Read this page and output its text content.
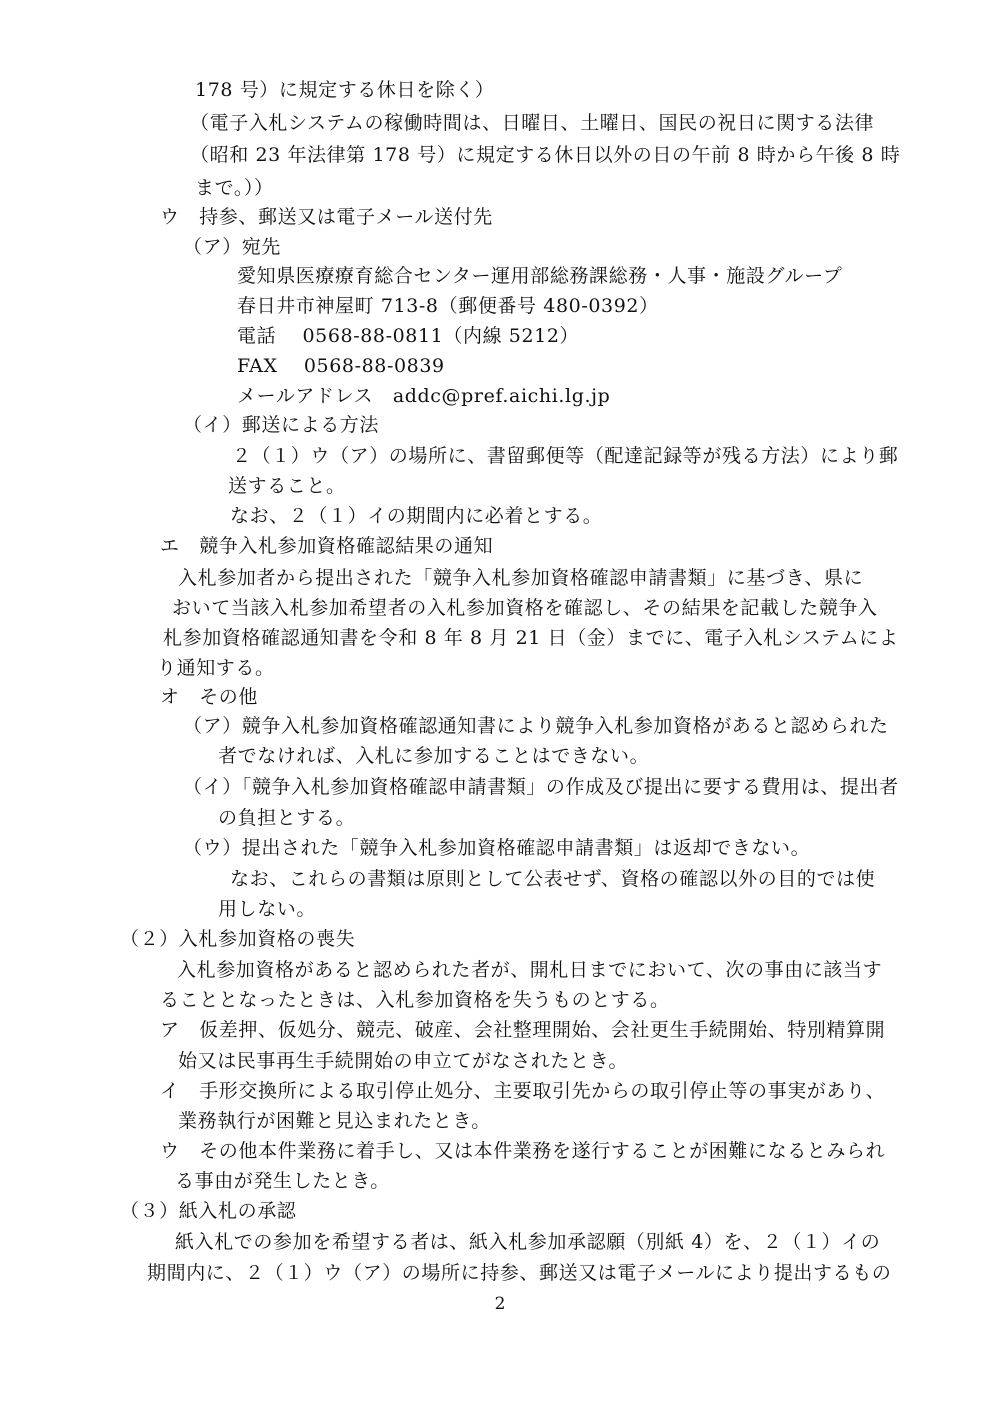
178 号）に規定する休日を除く）
（電子入札システムの稼働時間は、日曜日、土曜日、国民の祝日に関する法律
（昭和 23 年法律第 178 号）に規定する休日以外の日の午前 8 時から午後 8 時
まで。））
ウ　持参、郵送又は電子メール送付先
（ア）宛先
愛知県医療療育総合センター運用部総務課総務・人事・施設グループ
春日井市神屋町 713-8（郵便番号 480-0392）
電話　 0568-88-0811（内線 5212）
FAX　 0568-88-0839
メールアドレス　addc@pref.aichi.lg.jp
（イ）郵送による方法
２（１）ウ（ア）の場所に、書留郵便等（配達記録等が残る方法）により郵
送すること。
なお、２（１）イの期間内に必着とする。
エ　競争入札参加資格確認結果の通知
入札参加者から提出された「競争入札参加資格確認申請書類」に基づき、県に
おいて当該入札参加希望者の入札参加資格を確認し、その結果を記載した競争入
札参加資格確認通知書を令和 8 年 8 月 21 日（金）までに、電子入札システムによ
り通知する。
オ　その他
（ア）競争入札参加資格確認通知書により競争入札参加資格があると認められた
者でなければ、入札に参加することはできない。
（イ）「競争入札参加資格確認申請書類」の作成及び提出に要する費用は、提出者
の負担とする。
（ウ）提出された「競争入札参加資格確認申請書類」は返却できない。
なお、これらの書類は原則として公表せず、資格の確認以外の目的では使
用しない。
（２）入札参加資格の喪失
入札参加資格があると認められた者が、開札日までにおいて、次の事由に該当す
ることとなったときは、入札参加資格を失うものとする。
ア　仮差押、仮処分、競売、破産、会社整理開始、会社更生手続開始、特別精算開
始又は民事再生手続開始の申立てがなされたとき。
イ　手形交換所による取引停止処分、主要取引先からの取引停止等の事実があり、
業務執行が困難と見込まれたとき。
ウ　その他本件業務に着手し、又は本件業務を遂行することが困難になるとみられ
る事由が発生したとき。
（３）紙入札の承認
紙入札での参加を希望する者は、紙入札参加承認願（別紙 4）を、２（１）イの
期間内に、２（１）ウ（ア）の場所に持参、郵送又は電子メールにより提出するもの
2
